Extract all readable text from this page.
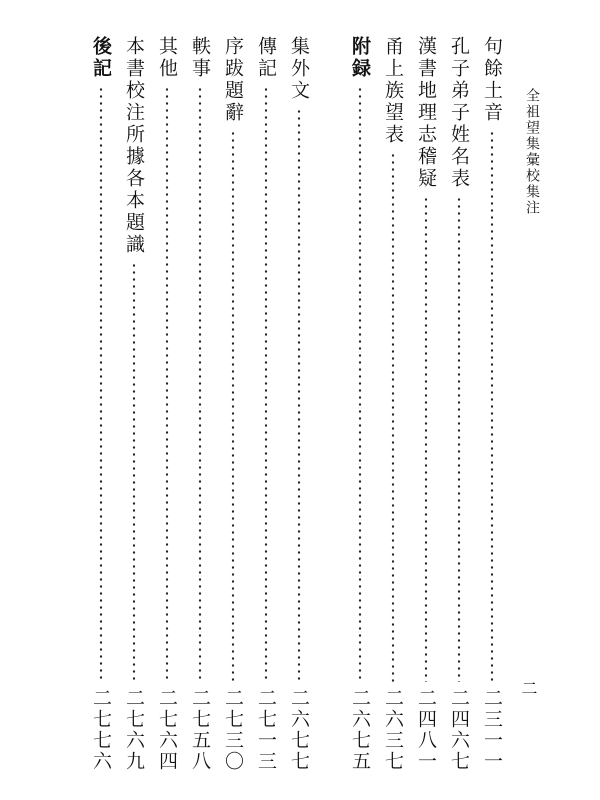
全祖望集彙校集注
二
句餘土音
二三一一
孔子弟子姓名表
二四六七
漢書地理志稽疑
二四八一
甬上族望表
二六三七
附録
二六七五
集外文
二六七七
傳記
二七一三
序跋題辭
二七三〇
軼事
二七五八
其他
二七六四
本書校注所據各本題識
二七六九
後記
二七七六
